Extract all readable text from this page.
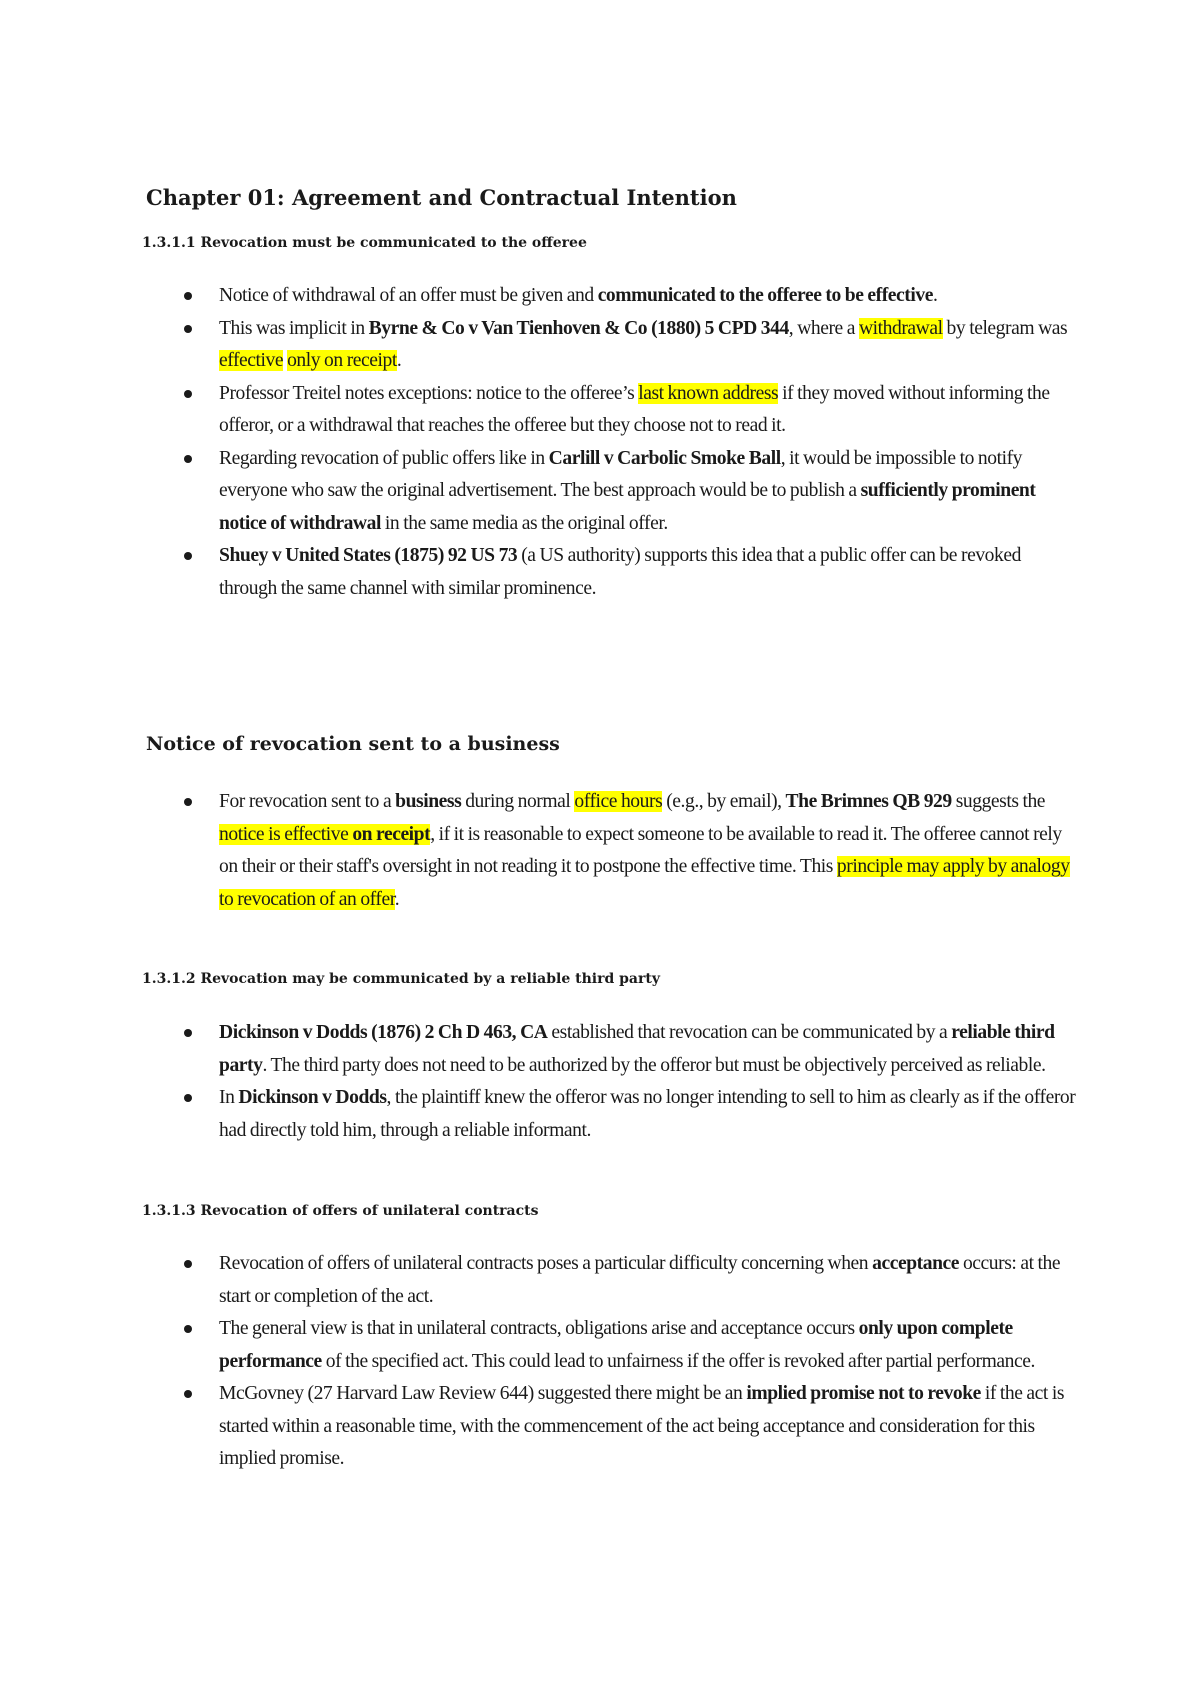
Chapter 01: Agreement and Contractual Intention
1.3.1.1 Revocation must be communicated to the offeree
Notice of withdrawal of an offer must be given and communicated to the offeree to be effective.
This was implicit in Byrne & Co v Van Tienhoven & Co (1880) 5 CPD 344, where a withdrawal by telegram was effective only on receipt.
Professor Treitel notes exceptions: notice to the offeree’s last known address if they moved without informing the offeror, or a withdrawal that reaches the offeree but they choose not to read it.
Regarding revocation of public offers like in Carlill v Carbolic Smoke Ball, it would be impossible to notify everyone who saw the original advertisement. The best approach would be to publish a sufficiently prominent notice of withdrawal in the same media as the original offer.
Shuey v United States (1875) 92 US 73 (a US authority) supports this idea that a public offer can be revoked through the same channel with similar prominence.
Notice of revocation sent to a business
For revocation sent to a business during normal office hours (e.g., by email), The Brimnes QB 929 suggests the notice is effective on receipt, if it is reasonable to expect someone to be available to read it. The offeree cannot rely on their or their staff's oversight in not reading it to postpone the effective time. This principle may apply by analogy to revocation of an offer.
1.3.1.2 Revocation may be communicated by a reliable third party
Dickinson v Dodds (1876) 2 Ch D 463, CA established that revocation can be communicated by a reliable third party. The third party does not need to be authorized by the offeror but must be objectively perceived as reliable.
In Dickinson v Dodds, the plaintiff knew the offeror was no longer intending to sell to him as clearly as if the offeror had directly told him, through a reliable informant.
1.3.1.3 Revocation of offers of unilateral contracts
Revocation of offers of unilateral contracts poses a particular difficulty concerning when acceptance occurs: at the start or completion of the act.
The general view is that in unilateral contracts, obligations arise and acceptance occurs only upon complete performance of the specified act. This could lead to unfairness if the offer is revoked after partial performance.
McGovney (27 Harvard Law Review 644) suggested there might be an implied promise not to revoke if the act is started within a reasonable time, with the commencement of the act being acceptance and consideration for this implied promise.
